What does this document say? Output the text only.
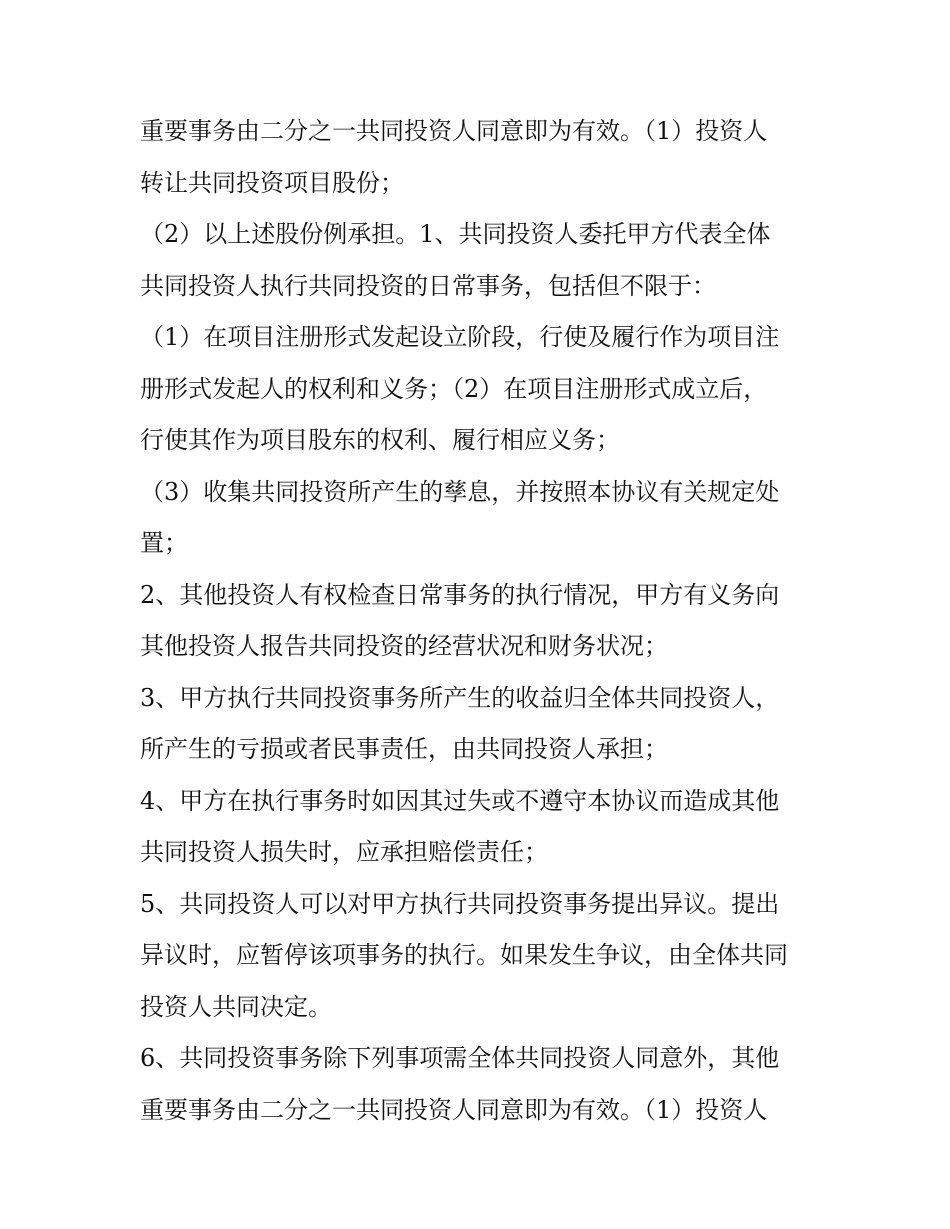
重要事务由二分之一共同投资人同意即为有效。（1）投资人
转让共同投资项目股份；
（2）以上述股份例承担。1、共同投资人委托甲方代表全体
共同投资人执行共同投资的日常事务，包括但不限于：
（1）在项目注册形式发起设立阶段，行使及履行作为项目注
册形式发起人的权利和义务；（2）在项目注册形式成立后，
行使其作为项目股东的权利、履行相应义务；
（3）收集共同投资所产生的孳息，并按照本协议有关规定处
置；
2、其他投资人有权检查日常事务的执行情况，甲方有义务向
其他投资人报告共同投资的经营状况和财务状况；
3、甲方执行共同投资事务所产生的收益归全体共同投资人，
所产生的亏损或者民事责任，由共同投资人承担；
4、甲方在执行事务时如因其过失或不遵守本协议而造成其他
共同投资人损失时，应承担赔偿责任；
5、共同投资人可以对甲方执行共同投资事务提出异议。提出
异议时，应暂停该项事务的执行。如果发生争议，由全体共同
投资人共同决定。
6、共同投资事务除下列事项需全体共同投资人同意外，其他
重要事务由二分之一共同投资人同意即为有效。（1）投资人
